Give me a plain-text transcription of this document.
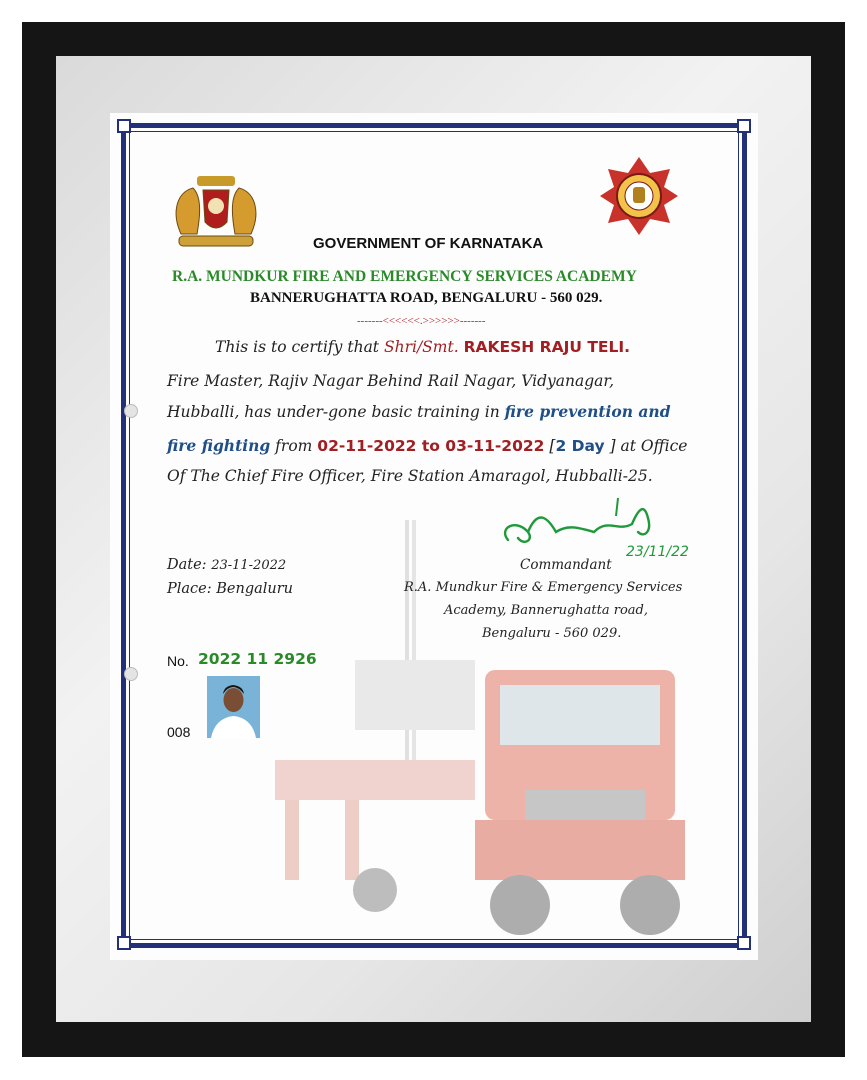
GOVERNMENT OF KARNATAKA
R.A. MUNDKUR FIRE AND EMERGENCY SERVICES ACADEMY
BANNERUGHATTA ROAD, BENGALURU - 560 029.
-------<<<<<<.>>>>>>-------
This is to certify that Shri/Smt. RAKESH RAJU TELI.
Fire Master, Rajiv Nagar Behind Rail Nagar, Vidyanagar,
Hubballi, has under-gone basic training in fire prevention and
fire fighting from 02-11-2022 to 03-11-2022 [2 Day ] at Office
Of The Chief Fire Officer, Fire Station Amaragol, Hubballi-25.
23/11/22
Commandant
R.A. Mundkur Fire & Emergency Services
Academy, Bannerughatta road,
Bengaluru - 560 029.
Date: 23-11-2022
Place: Bengaluru
No. 2022 11 2926
008
